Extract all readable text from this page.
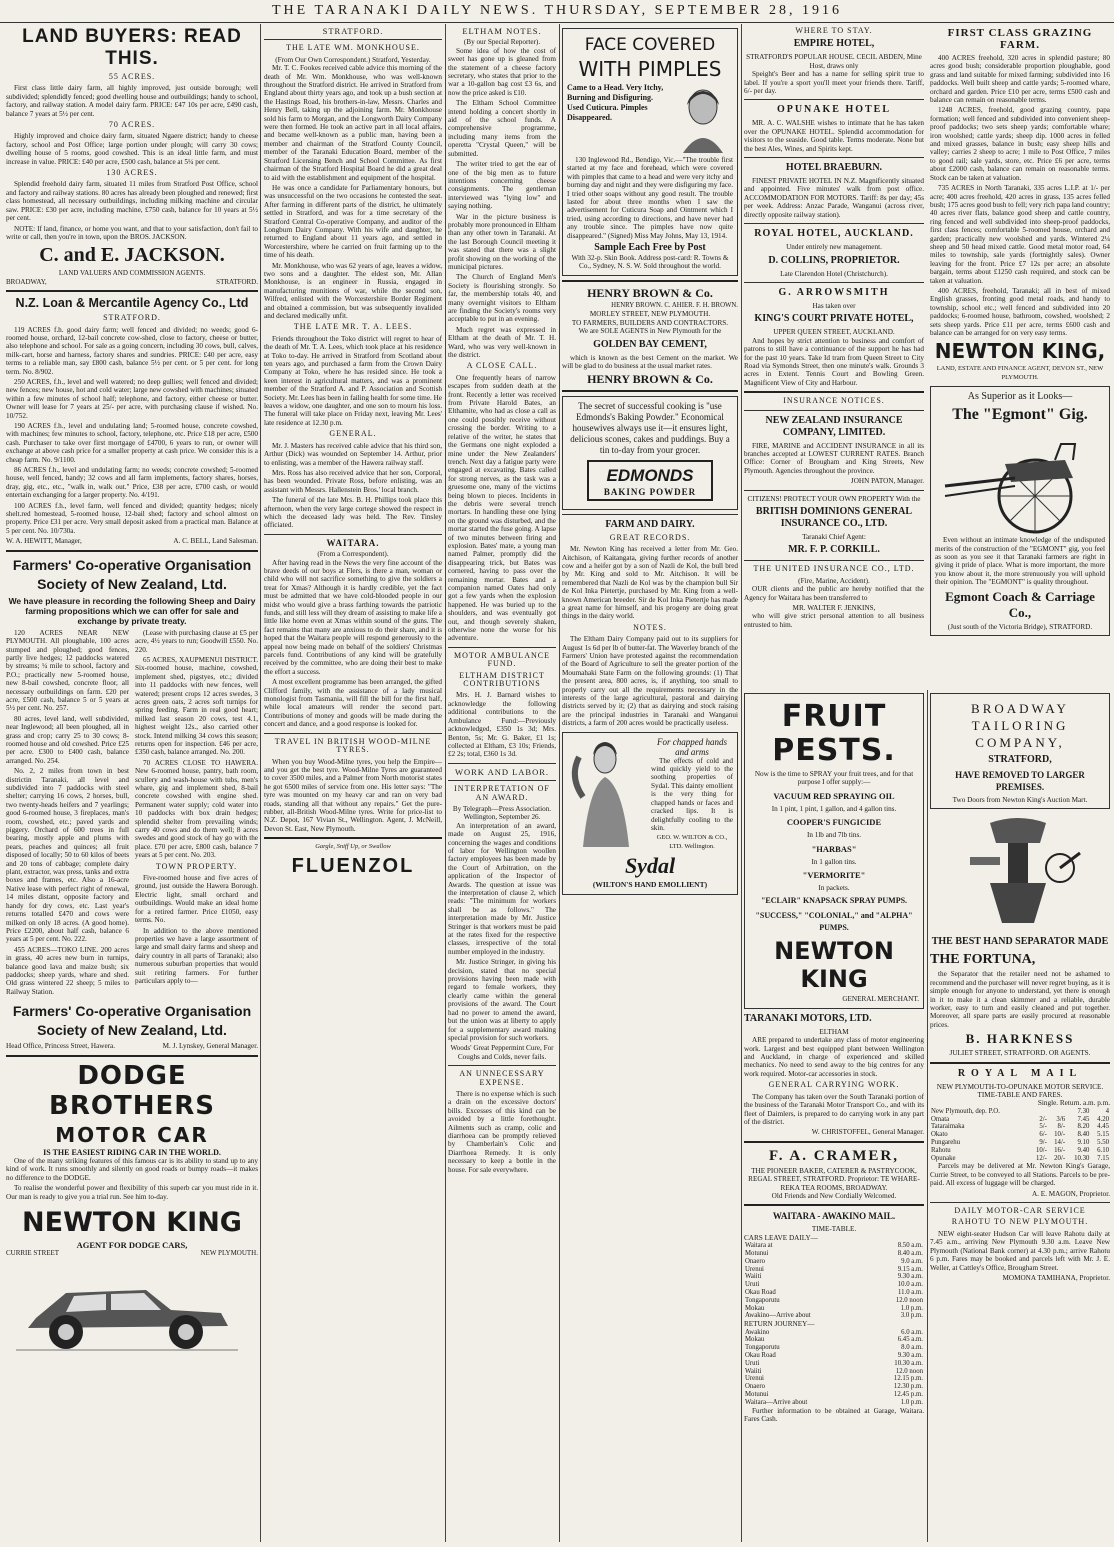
THE TARANAKI DAILY NEWS. THURSDAY, SEPTEMBER 28, 1916
LAND BUYERS: READ THIS.
55 ACRES.

First class little dairy farm, all highly improved, just outside borough; well subdivided; splendidly fenced; good dwelling house and outbuildings; handy to school, factory, and railway station. A model dairy farm. PRICE: £47 10s per acre, £490 cash, balance 7 years at 5½ per cent.

70 ACRES.

Highly improved and choice dairy farm, situated Ngaere district; handy to cheese factory, school and Post Office; large portion under plough; will carry 30 cows; dwelling house of 5 rooms, good cowshed. This is an ideal little farm, and must increase in value. PRICE: £40 per acre, £500 cash, balance at 5¼ per cent.

130 ACRES.

Splendid freehold dairy farm, situated 11 miles from Stratford Post Office, school and factory and railway stations. 80 acres has already been ploughed and renewed; first class homestead, all necessary outbuildings, including milking machine and circular saw. PRICE: £30 per acre, including machine, £750 cash, balance for 10 years at 5½ per cent.

NOTE: If land, finance, or home you want, and that to your satisfaction, don't fail to write or call, then you're in town, upon the BROS. JACKSON.

C. and E. JACKSON.
LAND VALUERS AND COMMISSION AGENTS.
BROADWAY,	STRATFORD.
N.Z. Loan & Mercantile Agency Co., Ltd
STRATFORD.

119 ACRES f.h. good dairy farm; well fenced and divided; no weeds; good 6-roomed house, orchard, 12-bail concrete cow-shed, close to factory, cheese or butter, also telephone and school. For sale as a going concern, including 30 cows, bull, calves, milk-cart, horse and harness, factory shares and sundries. PRICE: £40 per acre, easy terms to a reliable man, say £800 cash, balance 5½ per cent. or 5 per cent. for long term. No. 8/902.

250 ACRES, f.h., level and well watered; no deep gullies; well fenced and divided; new fences; new house, hot and cold water; large new cowshed with machines; situated within a few minutes of school half; telephone, and factory, either cheese or butter. Owner will lease for 7 years at 25/- per acre, with purchasing clause if wished. No. 10/752.

190 ACRES f.h., level and undulating land; 5-roomed house, concrete cowshed, with machines; few minutes to school, factory, telephone, etc. Price £18 per acre, £500 cash. Purchaser to take over first mortgage of £4700, 6 years to run, or owner will exchange at above cash price for a smaller property at cash price. We consider this is a cheap farm. No. 9/1100.

86 ACRES f.h., level and undulating farm; no weeds; concrete cowshed; 5-roomed house, well fenced, handy; 32 cows and all farm implements, factory shares, horses, dray, gig, etc., etc., "walk in, walk out." Price, £38 per acre, £700 cash, or would entertain exchanging for a larger property. No. 4/191.

100 ACRES f.h., level farm, well fenced and divided; quantity hedges; nicely shelt.red homestead, 5-roomed house, 12-bail shed; factory and school almost on property. Price £31 per acre. Very small deposit asked from a practical man. Balance at 5 per cent. No. 10/730a.

W. A. HEWITT, Manager,	A. C. BELL, Land Salesman.
Farmers' Co-operative Organisation Society of New Zealand, Ltd.
We have pleasure in recording the following Sheep and Dairy farming propositions which we can offer for sale and exchange by private treaty.

120 ACRES NEAR NEW PLYMOUTH. All ploughable, 100 acres stumped and ploughed; good fences, partly live hedges; 12 paddocks watered by streams; ¼ mile to school, factory and P.O.; practically new 5-roomed house, new 8-bail cowshed, concrete floor, all necessary outbuildings on farm. £20 per acre, £500 cash, balance 5 or 5 years at 5½ per cent. No. 257.

80 acres, level land, well subdivided, near Inglewood; all been ploughed, all in grass and crop; carry 25 to 30 cows; 8-roomed house and old cowshed. Price £25 per acre. £300 to £400 cash, balance arranged. No. 254.

No. 2, 2 miles from town in best districtin Taranaki, all level and subdivided into 7 paddocks with steel shelter; carrying 16 cows, 2 horses, bull, two twenty-heads heifers and 7 yearlings; good 6-roomed house, 3 fireplaces, man's room, cowshed, etc.; paved yards and piggery. Orchard of 600 trees in full bearing, mostly apple and plums with pears, peaches and quinces; all fruit disposed of locally; 50 to 60 kilos of beets and 20 tons of cabbage; complete dairy plant, extractor, wax press, tanks and extra boxes and frames, etc. Also a 16-acre Native lease with perfect right of renewal, 14 miles distant, opposite factory and handy for dry cows, etc. Last year's returns totalled £470 and cows were milked on only 18 acres. (A good home). Price £2200, about half cash, balance 6 years at 5 per cent. No. 222.

455 ACRES—TOKO LINE. 200 acres in grass, 40 acres new burn in turnips, balance good lava and maize bush; six paddocks; sheep yards, whare and shed. Old grass wintered 22 sheep; 5 miles to Railway Station.

(Lease with purchasing clause at £5 per acre, 4½ years to run; Goodwill £550. No. 220.

65 ACRES, XAUPMENUI DISTRICT. Six-roomed house, machine, cowshed, implement shed, pigstyes, etc.; divided into 11 paddocks with new fences, well watered; present crops 12 acres swedes, 3 acres green oats, 2 acres soft turnips for spring feeding. Farm in real good heart; milked last season 20 cows, test 4.1, highest weight 12s., also carried other stock. Intend milking 34 cows this season; returns open for inspection. £46 per acre, £350 cash, balance arranged. No. 200.

70 ACRES CLOSE TO HAWERA. New 6-roomed house, pantry, bath room, scullery and wash-house with tubs, men's whare, gig and implement shed, 8-bail concrete cowshed with engine shed. Permanent water supply; cold water into 10 paddocks with box drain hedges; splendid shelter from prevailing winds; carry 40 cows and do them well; 8 acres swedes and good stock of hay go with the place. £70 per acre, £800 cash, balance 7 years at 5 per cent. No. 203.

TOWN PROPERTY.

Five-roomed house and five acres of ground, just outside the Hawera Borough. Electric light, small orchard and outbuildings. Would make an ideal home for a retired farmer. Price £1050, easy terms. No.

In addition to the above mentioned properties we have a large assortment of large and small dairy farms and sheep and dairy country in all parts of Taranaki; also numerous suburban properties that would suit retiring farmers. For further particulars apply to—

Farmers' Co-operative Organisation Society of New Zealand, Ltd.
Head Office, Princess Street, Hawera.	M. J. Lynskey, General Manager.
DODGE BROTHERS
MOTOR CAR
IS THE EASIEST RIDING CAR IN THE WORLD.

One of the many striking features of this famous car is its ability to stand up to any kind of work. It runs smoothly and silently on good roads or bumpy roads—it makes no difference to the DODGE.

To realise the wonderful power and flexibility of this superb car you must ride in it. Our man is ready to give you a trial run. See him to-day.

NEWTON KING
AGENT FOR DODGE CARS,
CURRIE STREET	NEW PLYMOUTH.
STRATFORD.
THE LATE WM. MONKHOUSE.
(From Our Own Correspondent.) Stratford, Yesterday.

Mr. T. C. Fookes received cable advice this morning of the death of Mr. Wm. Monkhouse, who was well-known throughout the Stratford district. He arrived in Stratford from England about thirty years ago, and took up a bush section at the Hastings Road, his brothers-in-law, Messrs. Charles and Henry Bell, taking up the adjoining farm. Mr. Monkhouse sold his farm to Morgan, and the Longworth Dairy Company were then formed. He took an active part in all local affairs, and became well-known as a public man, having been a member and chairman of the Stratford County Council, member of the Taranaki Education Board, member of the Stratford Licensing Bench and School Committee. As first chairman of the Stratford Hospital Board he did a great deal to aid with the establishment and equipment of the hospital.

He was once a candidate for Parliamentary honours, but was unsuccessful on the two occasions he contested the seat. After farming in different parts of the district, he ultimately settled in Stratford, and was for a time secretary of the Stratford Central Co-operative Company, and auditor of the Longburn Dairy Company. With his wife and daughter, he returned to England about 11 years ago, and settled in Worcestershire, where he carried on fruit farming up to the time of his death.

Mr. Monkhouse, who was 62 years of age, leaves a widow, two sons and a daughter. The eldest son, Mr. Allan Monkhouse, is an engineer in Russia, engaged in manufacturing munitions of war, while the second son, Wilfred, enlisted with the Worcestershire Border Regiment and obtained a commission, but was subsequently invalided and declared medically unfit.

THE LATE MR. T. A. LEES.

Friends throughout the Toko district will regret to hear of the death of Mr. T. A. Lees, which took place at his residence at Toko to-day. He arrived in Stratford from Scotland about ten years ago, and purchased a farm from the Crown Dairy Company at Toko, where he has resided since. He took a keen interest in agricultural matters, and was a prominent member of the Stratford A. and P. Association and Scottish Society. Mr. Lees has been in failing health for some time. He leaves a widow, one daughter, and one son to mourn his loss. The funeral will take place on Friday next, leaving Mr. Lees' late residence at 12.30 p.m.

GENERAL.

Mr. J. Masters has received cable advice that his third son, Arthur (Dick) was wounded on September 14. Arthur, prior to enlisting, was a member of the Hawera railway staff.

Mrs. Ross has also received advice that her son, Corporal, has been wounded. Private Ross, before enlisting, was an assistant with Messrs. Hallenstein Bros.' local branch.

The funeral of the late Mrs. B. H. Phillips took place this afternoon, when the very large cortege showed the respect in which the deceased lady was held. The Rev. Tinsley officiated.

WAITARA.
(From a Correspondent).

After having read in the News the very fine account of the brave deeds of our boys at Flers, is there a man, woman or child who will not sacrifice something to give the soldiers a treat for Xmas? Although it is hardly credible, yet the fact must be admitted that we have cold-blooded people in our midst who would give a brass farthing towards the patriotic funds, and still less will they dream of assisting to make life a little like home even at Xmas within sound of the guns. The fact remains that many are anxious to do their share, and it is hoped that the Waitara people will respond generously to the appeal now being made on behalf of the soldiers' Christmas parcels fund. Contributions of any kind will be gratefully received by the committee, who are doing their best to make the effort a success.

A most excellent programme has been arranged, the gifted Clifford family, with the assistance of a lady musical monologist from Tasmania, will fill the bill for the first half, while local amateurs will render the second part. Contributions of money and goods will be made during the concert and dance, and a good response is looked for.

TRAVEL IN BRITISH WOOD-MILNE TYRES.

When you buy Wood-Milne tyres, you help the Empire—and you get the best tyre. Wood-Milne Tyres are guaranteed to cover 3500 miles, and a Palmer from North motorist states he got 6500 miles of service from one. His letter says: "The tyre was mounted on my heavy car and ran on very bad roads, standing all that without any repairs." Get the pure-rubber, all-British Wood-Milne tyres. Write for price-list to N.Z. Depot, 167 Vivian St., Wellington. Agent, J. McNeill, Devon St. East, New Plymouth.

Gargle, Sniff Up, or Swallow
FLUENZOL
ELTHAM NOTES.
(By our Special Reporter).

Some idea of how the cost of sweet has gone up is gleaned from the statement of a cheese factory secretary, who states that prior to the war a 10-gallon bag cost £3 6s, and now the price asked is £10.

The Eltham School Committee intend holding a concert shortly in aid of the school funds. A comprehensive programme, including many items from the operetta "Crystal Queen," will be submitted.

The writer tried to get the ear of one of the big men as to future intentions concerning cheese consignments. The gentleman interviewed was "lying low" and saying nothing.

War in the picture business is probably more pronounced in Eltham than any other town in Taranaki. At the last Borough Council meeting it was stated that there was a slight profit showing on the working of the municipal pictures.

The Church of England Men's Society is flourishing strongly. So far, the membership totals 40, and many overnight visitors to Eltham are finding the Society's rooms very acceptable to put in an evening.

Much regret was expressed in Eltham at the death of Mr. T. H. Ward, who was very well-known in the district.

A CLOSE CALL.

One frequently hears of narrow escapes from sudden death at the front. Recently a letter was received from Private Harold Bates, an Elthamite, who had as close a call as one could possibly receive without crossing the border. Writing to a relative of the writer, he states that the Germans one night exploded a mine under the New Zealanders' trench. Next day a fatigue party were engaged at excavating. Bates called for strong nerves, as the task was a gruesome one, many of the victims being blown to pieces. Incidents in the debris were several trench mortars. In handling these one lying on the ground was disturbed, and the mortar started the fuse going. A lapse of two minutes between firing and explosion. Bates' mate, a young man named Palmer, promptly did the disappearing trick, but Bates was cornered, having to pass over the remaining mortar. Bates and a companion named Oates had only got a few yards when the explosion happened. He was buried up to the shoulders, and was eventually got out, and though severely shaken, otherwise none the worse for his adventure.

MOTOR AMBULANCE FUND.
ELTHAM DISTRICT CONTRIBUTIONS

Mrs. H. J. Barnard wishes to acknowledge the following additional contributions to the Ambulance Fund:—Previously acknowledged, £350 1s 3d; Mrs. Benton, 5s; Mr. G. Baker, £1 1s; collected at Eltham, £3 10s; Friends, £2 2s; total, £360 1s 3d.

WORK AND LABOR.
INTERPRETATION OF AN AWARD.
By Telegraph—Press Association. Wellington, September 26.

An interpretation of an award, made on August 25, 1916, concerning the wages and conditions of labor for Wellington woollen factory employees has been made by the Court of Arbitration, on the application of the Inspector of Awards. The question at issue was the interpretation of clause 2, which reads: "The minimum for workers shall be as follows." The interpretation made by Mr. Justice Stringer is that workers must be paid at the rates fixed for the respective classes, irrespective of the total number employed in the industry.

Mr. Justice Stringer, in giving his decision, stated that no special provisions having been made with regard to female workers, they clearly came within the general provisions of the award. The Court had no power to amend the award, but the union was at liberty to apply for a supplementary award making special provision for such workers.

Woods' Great Peppermint Cure, For Coughs and Colds, never fails.

AN UNNECESSARY EXPENSE.

There is no expense which is such a drain on the excessive doctors' bills. Excesses of this kind can be avoided by a little forethought. Ailments such as cramp, colic and diarrhoea can be promptly relieved by Chamberlain's Colic and Diarrhoea Remedy. It is only necessary to keep a bottle in the house. For sale everywhere.

FACE COVERED
WITH PIMPLES
Came to a Head. Very Itchy, Burning and Disfiguring. Used Cuticura. Pimples Disappeared.

130 Inglewood Rd., Bendigo, Vic.—"The trouble first started at my face and forehead, which were covered with pimples that came to a head and were very itchy and burning day and night and they were disfiguring my face. I tried other soaps without any good result. The trouble lasted for about three months when I saw the advertisement for Cuticura Soap and Ointment which I tried, using according to directions, and have never had any trouble since. The pimples have now quite disappeared." (Signed) Miss May Johns, May 13, 1914.

Sample Each Free by Post
With 32-p. Skin Book. Address post-card: R. Towns & Co., Sydney, N. S. W. Sold throughout the world.
HENRY BROWN & Co.
HENRY BROWN. C. AHIER. F. H. BROWN.
MORLEY STREET, NEW PLYMOUTH.
TO FARMERS, BUILDERS AND CONTRACTORS.
We are SOLE AGENTS in New Plymouth for the
GOLDEN BAY CEMENT,

which is known as the best Cement on the market. We will be glad to do business at the usual market rates.

HENRY BROWN & Co.
The secret of successful cooking is "use Edmonds's Baking Powder." Economical housewives always use it—it ensures light, delicious scones, cakes and puddings. Buy a tin to-day from your grocer.
EDMONDS
BAKING POWDER
FARM AND DAIRY.
GREAT RECORDS.

Mr. Newton King has received a letter from Mr. Geo. Aitchison, of Kaitangata, giving further records of another cow and a heifer got by a son of Nazli de Kol, the bull bred by Mr. King and sold to Mr. Aitchison. It will be remembered that Nazli de Kol was by the champion bull Sir de Kol Inka Pietertje, purchased by Mr. King from a well-known American breeder. Sir de Kol Inka Pietertje has made a great name for himself, and his progeny are doing great things in the dairy world.

NOTES.

The Eltham Dairy Company paid out to its suppliers for August 1s 6d per lb of butter-fat. The Waverley branch of the Farmers' Union have protested against the recommendation of the Board of Agriculture to sell the greater portion of the Moumahaki State Farm on the following grounds: (1) That the present area, 800 acres, is, if anything, too small to properly carry out all the requirements necessary in the interests of the large agricultural, pastoral and dairying districts served by it; (2) that as dairying and stock raising are the principal industries in Taranaki and Wanganui districts, a farm of 200 acres would be practically useless.

For chapped hands and arms

The effects of cold and wind quickly yield to the soothing properties of Sydal. This dainty emollient is the very thing for chapped hands or faces and cracked lips. It is delightfully cooling to the skin.

GEO. W. WILTON & CO., LTD. Wellington.
Sydal
(WILTON'S HAND EMOLLIENT)
WHERE TO STAY.
EMPIRE HOTEL,
STRATFORD'S POPULAR HOUSE. CECIL ABDEN, Mine Host, draws only

Speight's Beer and has a name for selling spirit true to label. If you're a sport you'll meet your friends there. Tariff, 6/- per day.

OPUNAKE HOTEL

MR. A. C. WALSHE wishes to intimate that he has taken over the OPUNAKE HOTEL. Splendid accommodation for visitors to the seaside. Good table. Terms moderate. None but the best Ales, Wines, and Spirits kept.

HOTEL BRAEBURN.

FINEST PRIVATE HOTEL IN N.Z. Magnificently situated and appointed. Five minutes' walk from post office. ACCOMMODATION FOR MOTORS. Tariff: 8s per day; 45s per week. Address: Anzac Parade, Wanganui (across river, directly opposite railway station).

ROYAL HOTEL, AUCKLAND.
Under entirely new management.
D. COLLINS, PROPRIETOR.
Late Clarendon Hotel (Christchurch).
G. ARROWSMITH
Has taken over
KING'S COURT PRIVATE HOTEL,
UPPER QUEEN STREET, AUCKLAND.

And hopes by strict attention to business and comfort of patrons to still have a continuance of the support he has had for the past 10 years. Take Id tram from Queen Street to City Road via Symonds Street, then one minute's walk. Grounds 3 acres in Extent. Tennis Court and Bowling Green. Magnificent View of City and Harbour.

INSURANCE NOTICES.
NEW ZEALAND INSURANCE COMPANY, LIMITED.

FIRE, MARINE and ACCIDENT INSURANCE in all its branches accepted at LOWEST CURRENT RATES. Branch Office: Corner of Brougham and King Streets, New Plymouth. Agencies throughout the province.

JOHN PATON, Manager.
CITIZENS! PROTECT YOUR OWN PROPERTY With the
BRITISH DOMINIONS GENERAL INSURANCE CO., LTD.
Taranaki Chief Agent:
MR. F. P. CORKILL.
THE UNITED INSURANCE CO., LTD.
(Fire, Marine, Accident).

OUR clients and the public are hereby notified that the Agency for Waitara has been transferred to

MR. WALTER F. JENKINS,

who will give strict personal attention to all business entrusted to him.

FIRST CLASS GRAZING FARM.

400 ACRES freehold, 320 acres in splendid pasture; 80 acres good bush; considerable proportion ploughable, good grass and land suitable for mixed farming; subdivided into 16 paddocks. Well built sheep and cattle yards; 5-roomed whare, orchard and garden. Price £10 per acre, terms £500 cash and balance can remain on reasonable terms.

1248 ACRES, freehold, good grazing country, papa formation; well fenced and subdivided into convenient sheep-proof paddocks; two sets sheep yards; comfortable whare; iron woolshed; cattle yards; sheep dip. 1000 acres in felled and mixed grasses, balance in bush; easy sheep hills and valley; carries 2 sheep to acre; 1 mile to Post Office, 7 miles to good rail; sale yards, store, etc. Price £6 per acre, terms about £2000 cash, balance can remain on reasonable terms. Stock can be taken at valuation.

735 ACRES in North Taranaki, 335 acres L.I.P. at 1/- per acre; 400 acres freehold, 420 acres in grass, 135 acres felled bush; 175 acres good bush to fell; very rich papa land country; 40 acres river flats, balance good sheep and cattle country, ring fenced and well subdivided into sheep-proof paddocks, first class fences; comfortable 5-roomed house, orchard and garden; practically new woolshed and yards. Wintered 2¼ sheep and 50 head mixed cattle. Good metal motor road, 64 miles to township, sale yards (fortnightly sales). Owner leaving for the front. Price £7 12s per acre; an absolute bargain, terms about £1250 cash required, and stock can be taken at valuation.

400 ACRES, freehold, Taranaki; all in best of mixed English grasses, fronting good metal roads, and handy to township, school etc.; well fenced and subdivided into 20 paddocks; 6-roomed house, bathroom, cowshed, woolshed; 2 sets sheep yards. Price £11 per acre, terms £600 cash and balance can be arranged for on very easy terms.

NEWTON KING,
LAND, ESTATE AND FINANCE AGENT, DEVON ST., NEW PLYMOUTH.
As Superior as it Looks—
The "Egmont" Gig.

Even without an intimate knowledge of the undisputed merits of the construction of the "EGMONT" gig, you feel as soon as you see it that Taranaki farmers are right in giving it pride of place. What is more important, the more you know about it, the more strenuously you will uphold their opinion. The "EGMONT" is quality throughout.

Egmont Coach & Carriage Co.,
(Just south of the Victoria Bridge), STRATFORD.
FRUIT PESTS.
Now is the time to SPRAY your fruit trees, and for that purpose I offer supply:—
VACUUM RED SPRAYING OIL
In 1 pint, 1 pint, 1 gallon, and 4 gallon tins.
COOPER'S FUNGICIDE
In 1lb and 7lb tins.
"HARBAS"
In 1 gallon tins.
"VERMORITE"
In packets.
"ECLAIR" KNAPSACK SPRAY PUMPS.
"SUCCESS," "COLONIAL," and "ALPHA" PUMPS.
NEWTON KING
GENERAL MERCHANT.
TARANAKI MOTORS, LTD.
ELTHAM

ARE prepared to undertake any class of motor engineering work. Largest and best equipped plant between Wellington and Auckland, in charge of experienced and skilled mechanics. No need to send away to the big centres for any work required. Motor-car accessories in stock.

GENERAL CARRYING WORK.

The Company has taken over the South Taranaki portion of the business of the Taranaki Motor Transport Co., and with its fleet of Daimlers, is prepared to do carrying work in any part of the district.

W. CHRISTOFFEL, General Manager.
F. A. CRAMER,
THE PIONEER BAKER, CATERER & PASTRYCOOK, REGAL STREET, STRATFORD. Proprietor: TE WHARE-REKA TEA ROOMS, BROADWAY.
Old Friends and New Cordially Welcomed.
WAITARA - AWAKINO MAIL.
TIME-TABLE.
CARS LEAVE DAILY—
Waitara at	8.50 a.m.
Motunui	8.40 a.m.
Onaero	9.0 a.m.
Urenui	9.15 a.m.
Waiiti	9.30 a.m.
Uruti	10.0 a.m.
Okau Road	11.0 a.m.
Tongaporutu	12.0 noon
Mokau	1.0 p.m.
Awakino—Arrive about	3.0 p.m.
RETURN JOURNEY—
Awakino	6.0 a.m.
Mokau	6.45 a.m.
Tongaporutu	8.0 a.m.
Okau Road	9.30 a.m.
Uruti	10.30 a.m.
Waiiti	12.0 noon
Urenui	12.15 p.m.
Onaero	12.30 p.m.
Motunui	12.45 p.m.
Waitara—Arrive about	1.0 p.m.

Further information to be obtained at Garage, Waitara. Fares Cash.

BROADWAY TAILORING COMPANY,
STRATFORD,
HAVE REMOVED TO LARGER PREMISES.
Two Doors from Newton King's Auction Mart.
THE BEST HAND SEPARATOR MADE
THE FORTUNA,

the Separator that the retailer need not be ashamed to recommend and the purchaser will never regret buying, as it is simple enough for anyone to understand, yet there is enough in it to make it a clean skimmer and a reliable, durable worker, easy to turn and easily cleaned and put together. Moreover, all spare parts are easily procured at reasonable prices.

B. HARKNESS
JULIET STREET, STRATFORD. OR AGENTS.
ROYAL MAIL
NEW PLYMOUTH-TO-OPUNAKE MOTOR SERVICE.
TIME-TABLE AND FARES.
Single. Return. a.m. p.m.
New Plymouth, dep. P.O.			7.30	4
Omata	2/-	3/6	7.45	4.20
Tataraimaka	5/-	8/-	8.20	4.45
Okato	6/-	10/-	8.40	5.15
Pungarehu	9/-	14/-	9.10	5.50
Rahotu	10/-	16/-	9.40	6.10
Opunake	12/-	20/-	10.30	7.15

Parcels may be delivered at Mr. Newton King's Garage, Currie Street, to be conveyed to all Stations. Parcels to be pre-paid. All excess of luggage will be charged.

A. E. MAGON, Proprietor.
DAILY MOTOR-CAR SERVICE
RAHOTU TO NEW PLYMOUTH.

NEW eight-seater Hudson Car will leave Rahotu daily at 7.45 a.m., arriving New Plymouth 9.30 a.m. Leave New Plymouth (National Bank corner) at 4.30 p.m.; arrive Rahotu 6 p.m. Fares may be booked and parcels left with Mr. J. E. Weller, at Cattley's Office, Brougham Street.

MOMONA TAMIHANA, Proprietor.
